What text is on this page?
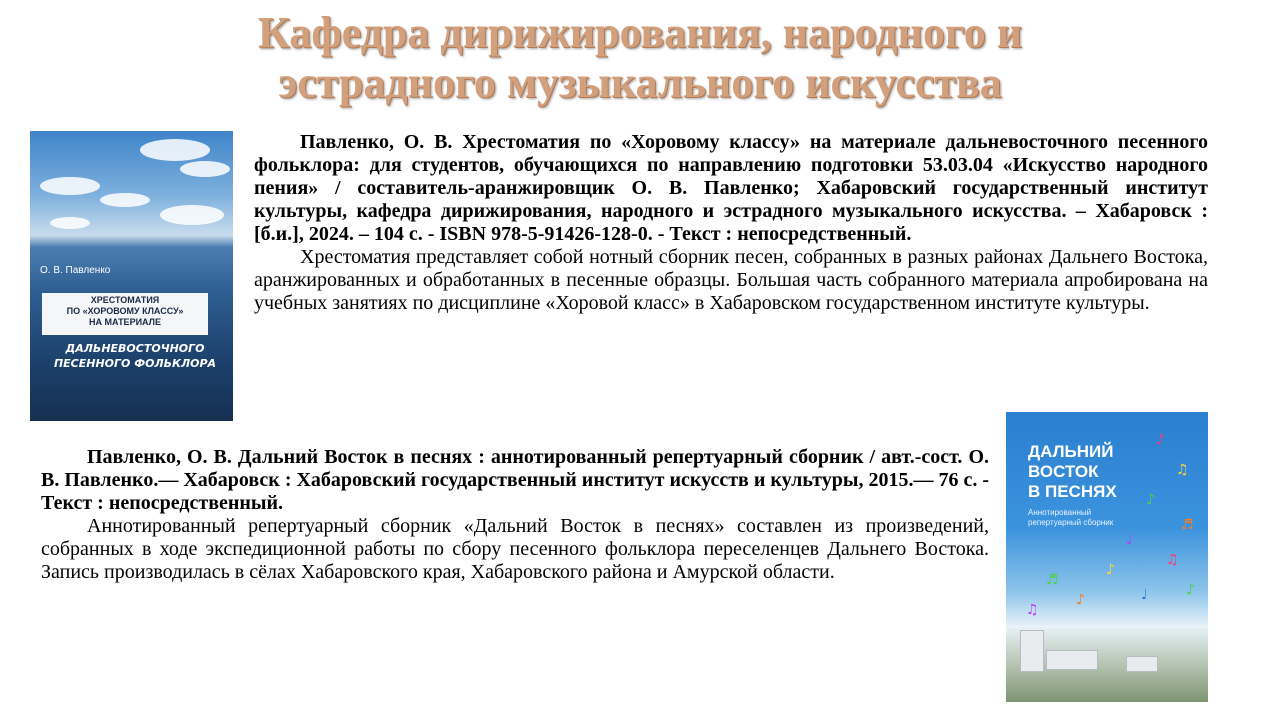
Кафедра дирижирования, народного и
эстрадного музыкального искусства
О. В. Павленко
ХРЕСТОМАТИЯ
ПО «ХОРОВОМУ КЛАССУ»
НА МАТЕРИАЛЕ
ДАЛЬНЕВОСТОЧНОГО
ПЕСЕННОГО ФОЛЬКЛОРА

Павленко, О. В. Хрестоматия по «Хоровому классу» на материале дальневосточного песенного фольклора: для студентов, обучающихся по направлению подготовки 53.03.04 «Искусство народного пения» / составитель-аранжировщик О. В. Павленко; Хабаровский государственный институт культуры, кафедра дирижирования, народного и эстрадного музыкального искусства. – Хабаровск : [б.и.], 2024. – 104 с. - ISBN 978-5-91426-128-0. - Текст : непосредственный.

Хрестоматия представляет собой нотный сборник песен, собранных в разных районах Дальнего Востока, аранжированных и обработанных в песенные образцы. Большая часть собранного материала апробирована на учебных занятиях по дисциплине «Хоровой класс» в Хабаровском государственном институте культуры.

Павленко, О. В. Дальний Восток в песнях : аннотированный репертуарный сборник / авт.-сост. О. В. Павленко.— Хабаровск : Хабаровский государственный институт искусств и культуры, 2015.— 76 с. - Текст : непосредственный.

Аннотированный репертуарный сборник «Дальний Восток в песнях» составлен из произведений, собранных в ходе экспедиционной работы по сбору песенного фольклора переселенцев Дальнего Востока. Запись производилась в сёлах Хабаровского края, Хабаровского района и Амурской области.

ДАЛЬНИЙ
ВОСТОК
В ПЕСНЯХ
Аннотированный
репертуарный сборник
♪
♫
♪
♬
♩
♫
♪
♬
♪
♫
♩	♪
